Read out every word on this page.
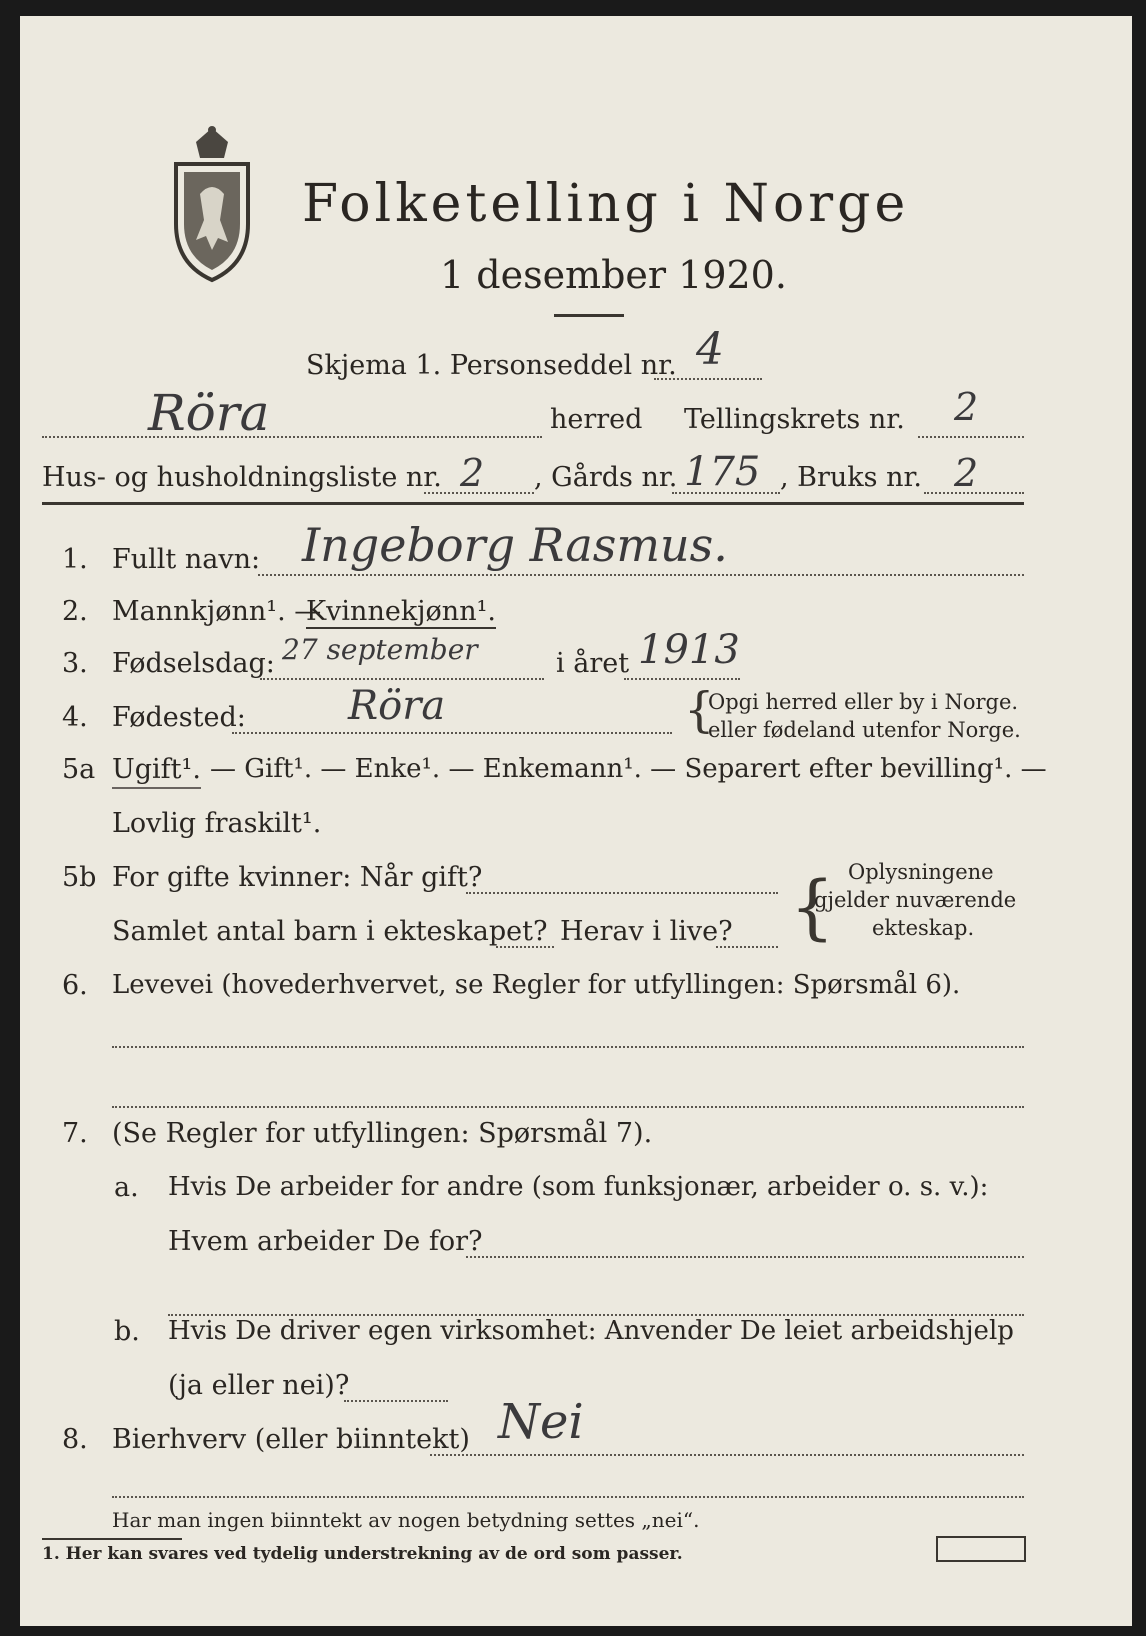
Folketelling i Norge
1 desember 1920.
Skjema 1. Personseddel nr. 4
Röra	herred Tellingskrets nr. 2
Hus- og husholdningsliste nr. 2 , Gårds nr. 175 , Bruks nr. 2
1. Fullt navn: Ingeborg Rasmus.
2. Mannkjønn¹. —
Kvinnekjønn¹.
3. Fødselsdag: 27 september	i året 1913
4. Fødested:	Röra	{
Opgi herred eller by i Norge.
eller fødeland utenfor Norge.
5a Ugift¹. — Gift¹. — Enke¹. — Enkemann¹. — Separert efter bevilling¹. —
Lovlig fraskilt¹.
5b For gifte kvinner: Når gift?
Samlet antal barn i ekteskapet? Herav i live? { Oplysningene
gjelder nuværende
ekteskap.
6. Levevei (hovederhvervet, se Regler for utfyllingen: Spørsmål 6).
7. (Se Regler for utfyllingen: Spørsmål 7).
a. Hvis De arbeider for andre (som funksjonær, arbeider o. s. v.):
Hvem arbeider De for?
b. Hvis De driver egen virksomhet: Anvender De leiet arbeidshjelp
(ja eller nei)?
8. Bierhverv (eller biinntekt) Nei
Har man ingen biinntekt av nogen betydning settes „nei“.
1. Her kan svares ved tydelig understrekning av de ord som passer.
